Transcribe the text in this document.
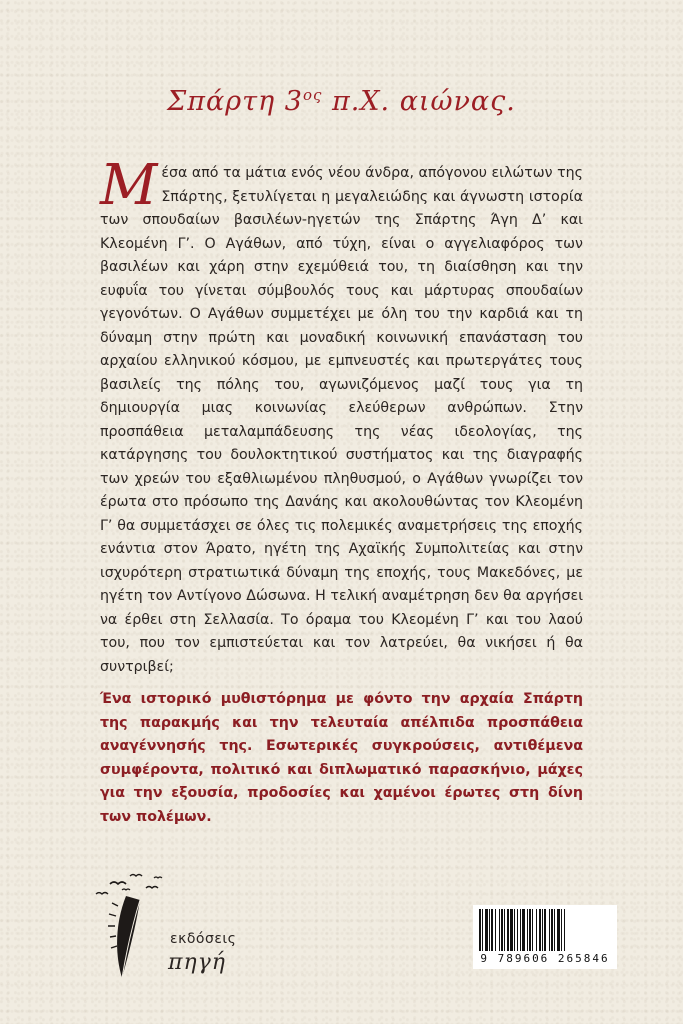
Σπάρτη $3^{o\varsigma}$ π.Χ. αιώνας.
Μέσα από τα μάτια ενός νέου άνδρα, απόγονου ειλώτων της Σπάρτης, ξετυλίγεται η μεγαλειώδης και άγνωστη ιστορία των σπουδαίων βασιλέων-ηγετών της Σπάρτης Άγη Δ’ και Κλεομένη Γ’. Ο Αγάθων, από τύχη, είναι ο αγγελιαφόρος των βασιλέων και χάρη στην εχεμύθειά του, τη διαίσθηση και την ευφυΐα του γίνεται σύμβουλός τους και μάρτυρας σπουδαίων γεγονότων. Ο Αγάθων συμμετέχει με όλη του την καρδιά και τη δύναμη στην πρώτη και μοναδική κοινωνική επανάσταση του αρχαίου ελληνικού κόσμου, με εμπνευστές και πρωτεργάτες τους βασιλείς της πόλης του, αγωνιζόμενος μαζί τους για τη δημιουργία μιας κοινωνίας ελεύθερων ανθρώπων. Στην προσπάθεια μεταλαμπάδευσης της νέας ιδεολογίας, της κατάργησης του δουλοκτητικού συστήματος και της διαγραφής των χρεών του εξαθλιωμένου πληθυσμού, ο Αγάθων γνωρίζει τον έρωτα στο πρόσωπο της Δανάης και ακολουθώντας τον Κλεομένη Γ’ θα συμμετάσχει σε όλες τις πολεμικές αναμετρήσεις της εποχής ενάντια στον Άρατο, ηγέτη της Αχαϊκής Συμπολιτείας και στην ισχυρότερη στρατιωτικά δύναμη της εποχής, τους Μακεδόνες, με ηγέτη τον Αντίγονο Δώσωνα. Η τελική αναμέτρηση δεν θα αργήσει να έρθει στη Σελλασία. Το όραμα του Κλεομένη Γ’ και του λαού του, που τον εμπιστεύεται και τον λατρεύει, θα νικήσει ή θα συντριβεί;
Ένα ιστορικό μυθιστόρημα με φόντο την αρχαία Σπάρτη της παρακμής και την τελευταία απέλπιδα προσπάθεια αναγέννησής της. Εσωτερικές συγκρούσεις, αντιθέμενα συμφέροντα, πολιτικό και διπλωματικό παρασκήνιο, μάχες για την εξουσία, προδοσίες και χαμένοι έρωτες στη δίνη των πολέμων.
εκδόσεις
πηγή	9 789606 265846
